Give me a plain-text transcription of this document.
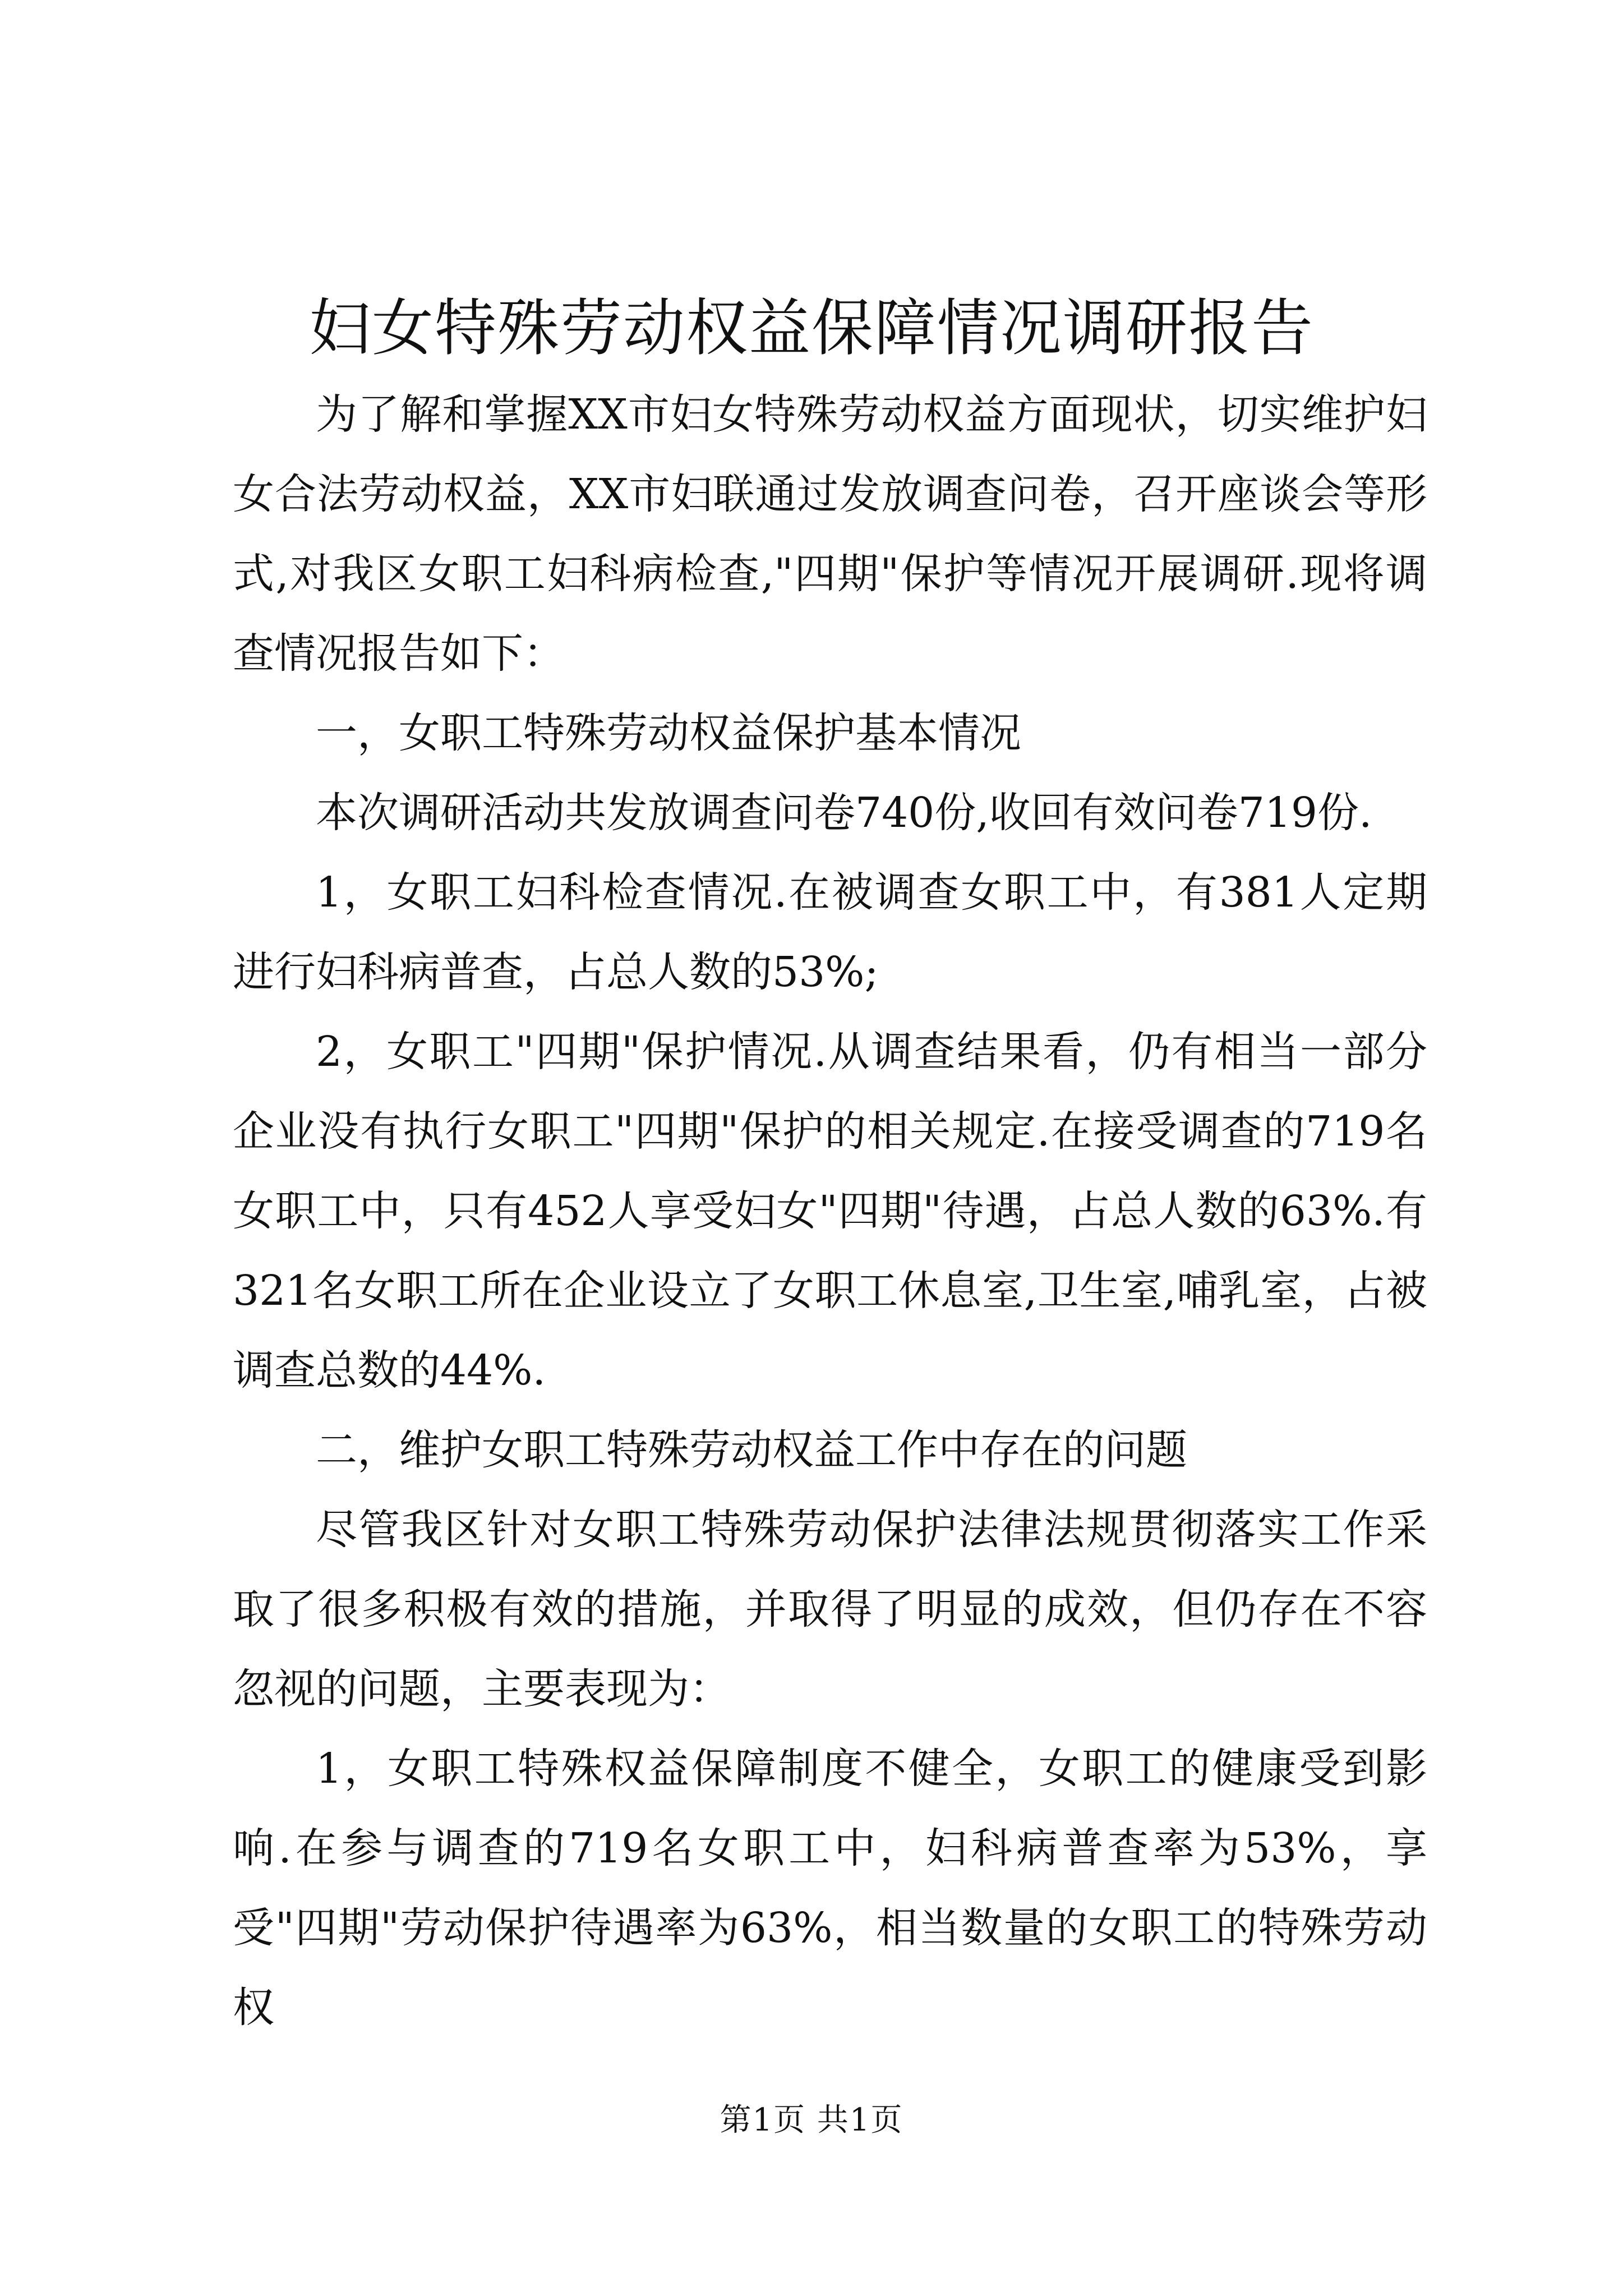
妇女特殊劳动权益保障情况调研报告

为了解和掌握XX市妇女特殊劳动权益方面现状，切实维护妇女合法劳动权益，XX市妇联通过发放调查问卷，召开座谈会等形式,对我区女职工妇科病检查,"四期"保护等情况开展调研.现将调查情况报告如下：

一，女职工特殊劳动权益保护基本情况

本次调研活动共发放调查问卷740份,收回有效问卷719份.

1，女职工妇科检查情况.在被调查女职工中，有381人定期进行妇科病普查，占总人数的53%;

2，女职工"四期"保护情况.从调查结果看，仍有相当一部分企业没有执行女职工"四期"保护的相关规定.在接受调查的719名女职工中，只有452人享受妇女"四期"待遇，占总人数的63%.有321名女职工所在企业设立了女职工休息室,卫生室,哺乳室，占被调查总数的44%.

二，维护女职工特殊劳动权益工作中存在的问题

尽管我区针对女职工特殊劳动保护法律法规贯彻落实工作采取了很多积极有效的措施，并取得了明显的成效，但仍存在不容忽视的问题，主要表现为：

1，女职工特殊权益保障制度不健全，女职工的健康受到影响.在参与调查的719名女职工中，妇科病普查率为53%，享受"四期"劳动保护待遇率为63%，相当数量的女职工的特殊劳动权

第1页 共1页
